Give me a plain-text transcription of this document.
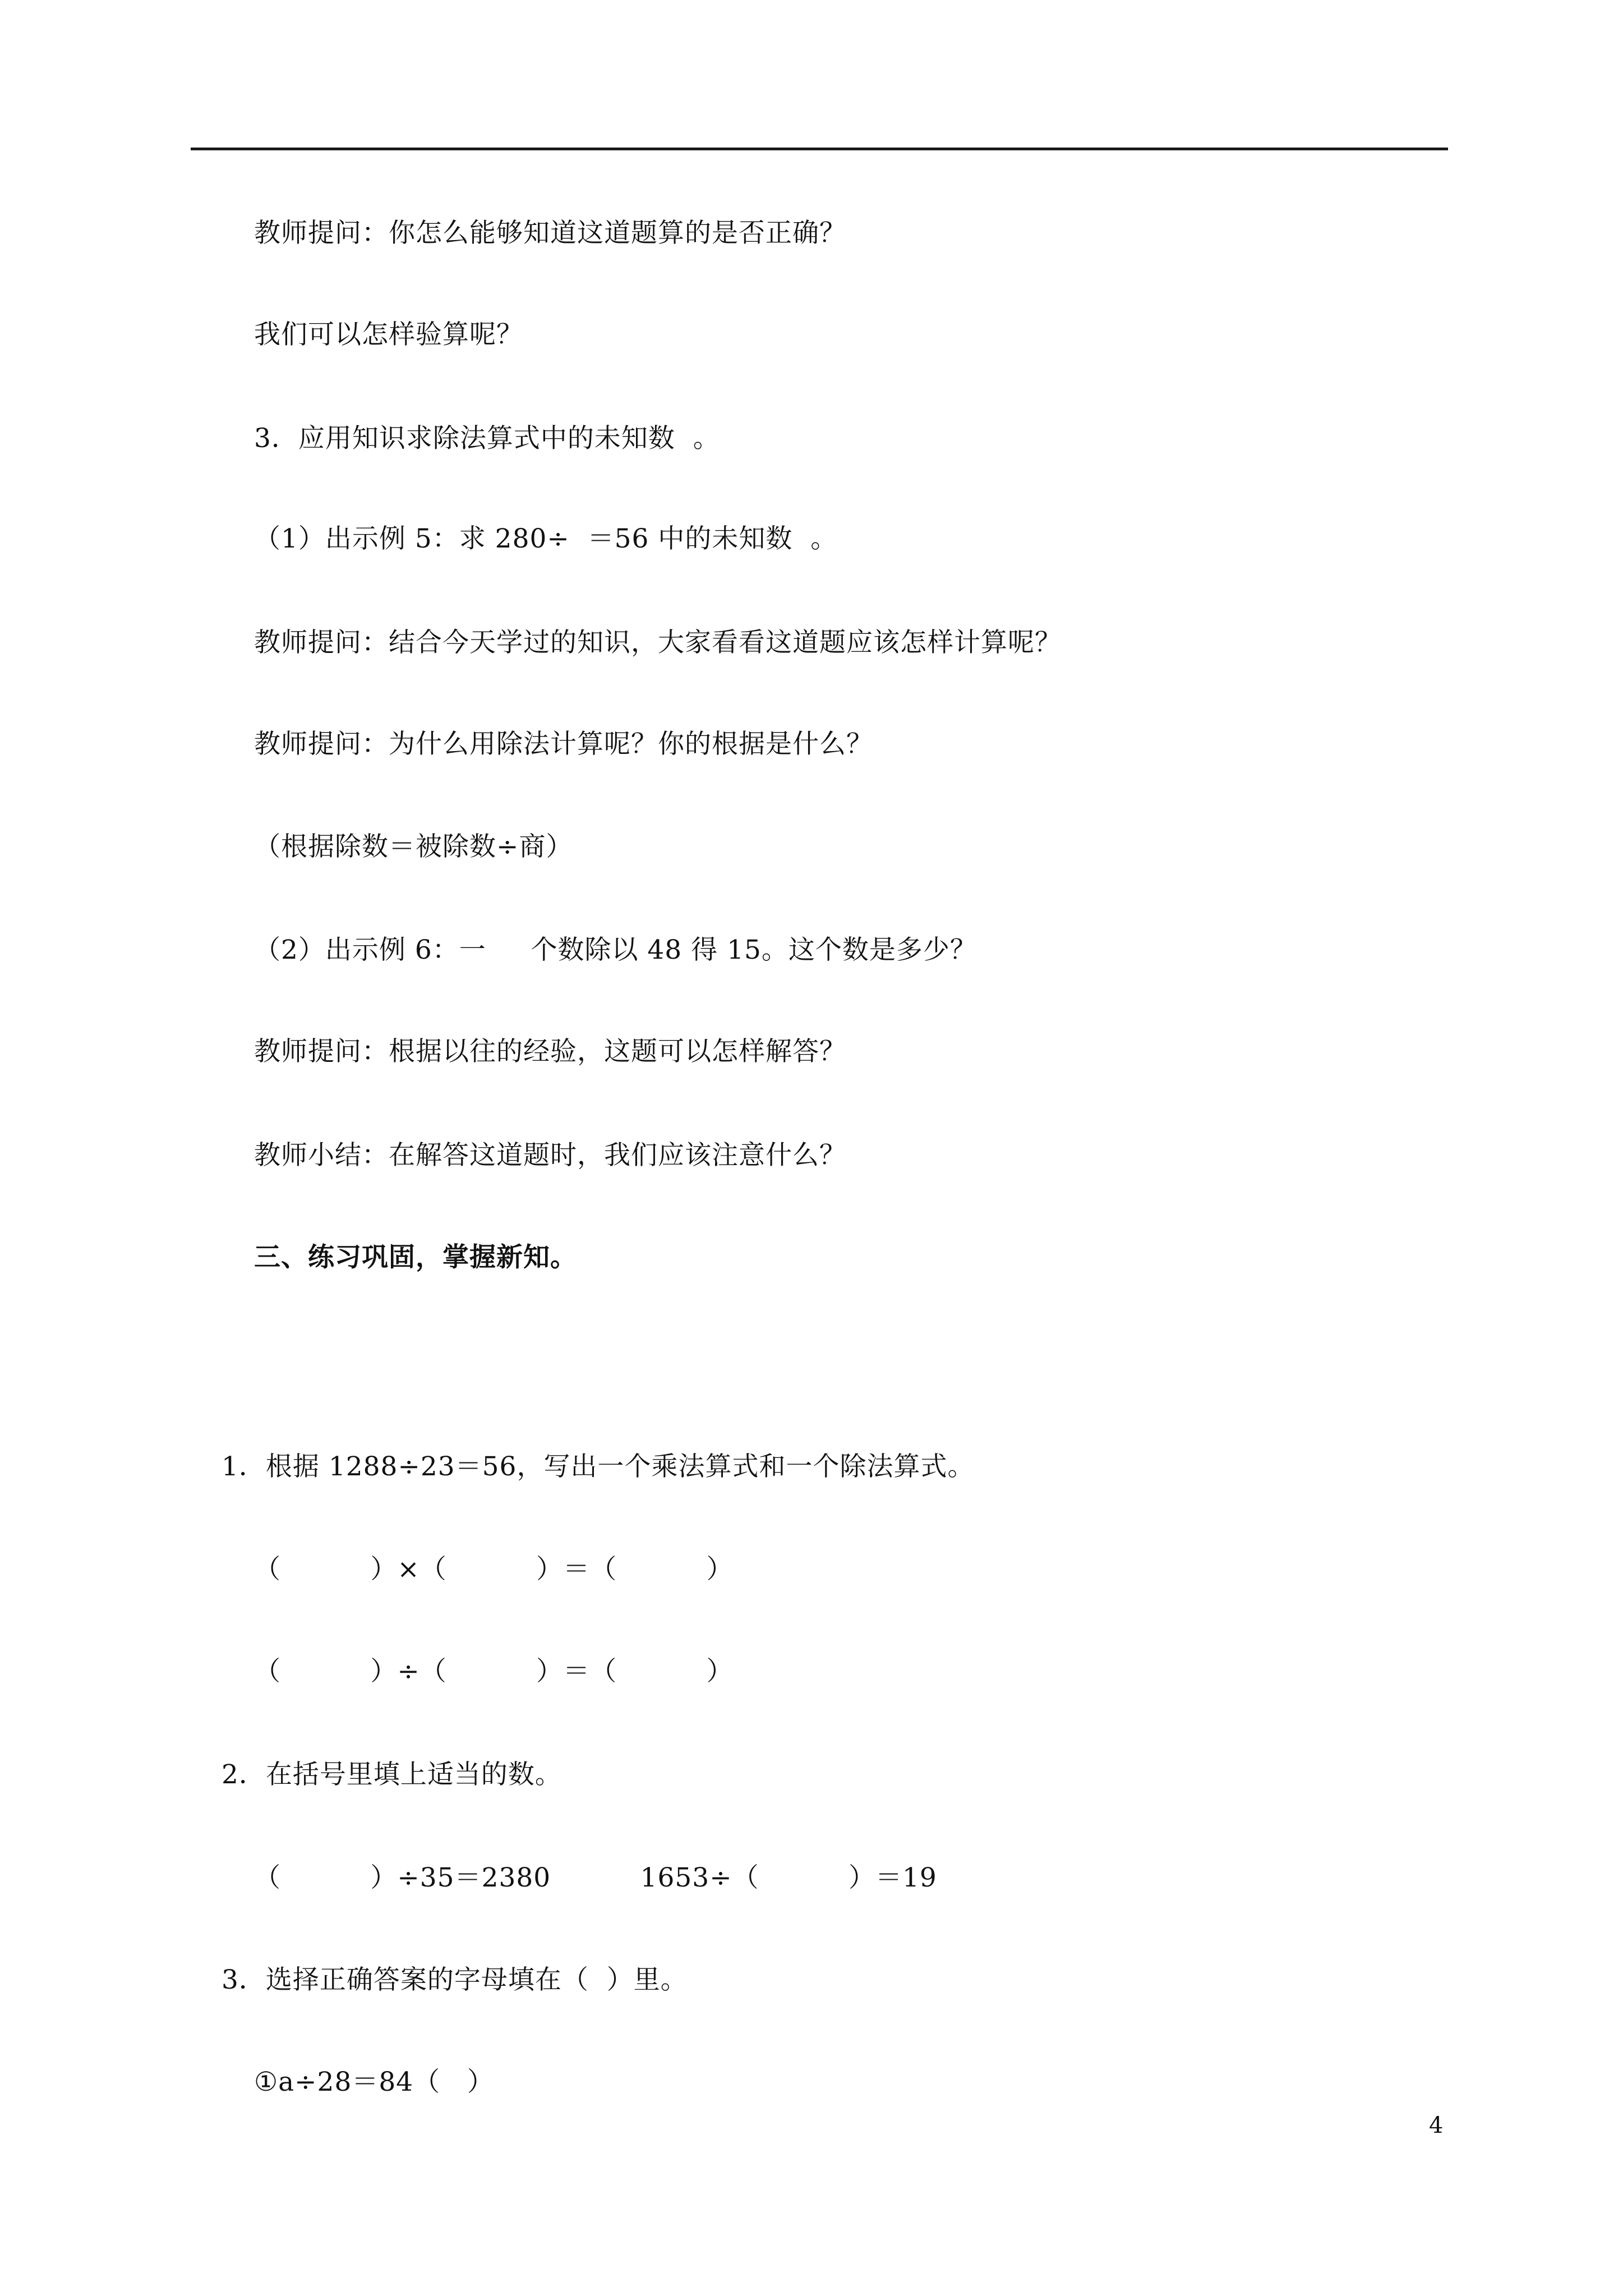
教师提问：你怎么能够知道这道题算的是否正确？
我们可以怎样验算呢？
3．应用知识求除法算式中的未知数  。
（1）出示例 5：求 280÷  ＝56 中的未知数  。
教师提问：结合今天学过的知识，大家看看这道题应该怎样计算呢？
教师提问：为什么用除法计算呢？你的根据是什么？
（根据除数＝被除数÷商）
（2）出示例 6：一     个数除以 48 得 15。这个数是多少？
教师提问：根据以往的经验，这题可以怎样解答？
教师小结：在解答这道题时，我们应该注意什么？
三、练习巩固，掌握新知。
1．根据 1288÷23＝56，写出一个乘法算式和一个除法算式。
（          ）×（          ）＝（          ）
（          ）÷（          ）＝（          ）
2．在括号里填上适当的数。
（          ）÷35＝2380          1653÷（          ）＝19
3．选择正确答案的字母填在（  ）里。
①a÷28＝84（   ）
4
